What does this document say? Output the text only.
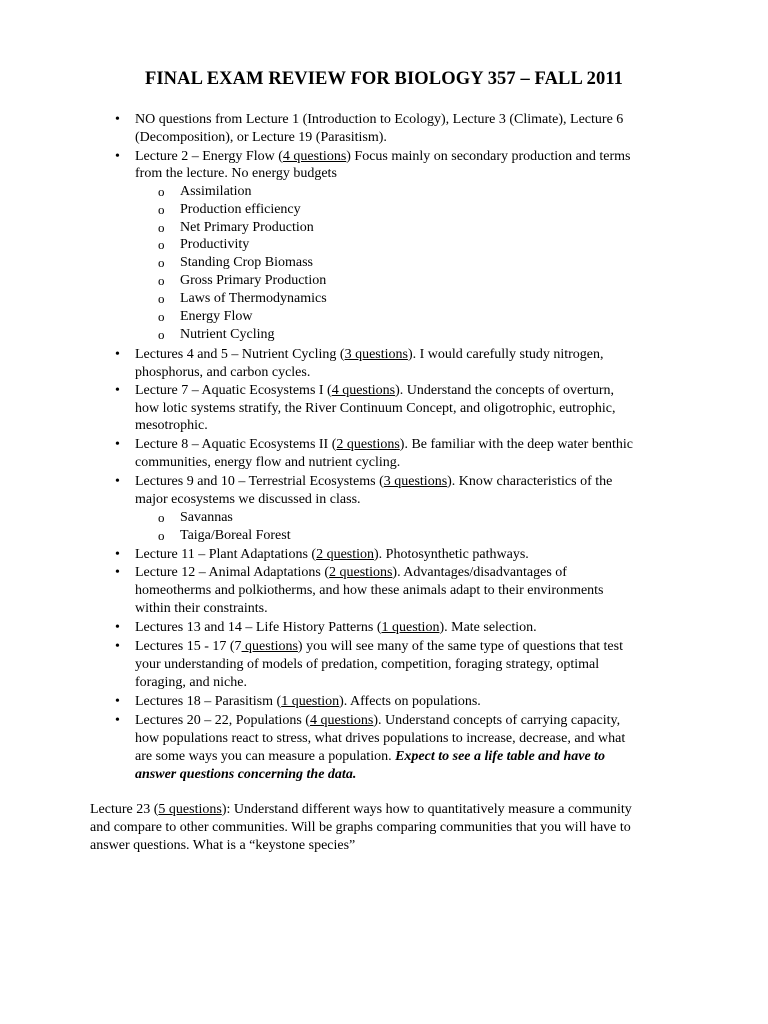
FINAL EXAM REVIEW FOR BIOLOGY 357 – FALL 2011
• NO questions from Lecture 1 (Introduction to Ecology), Lecture 3 (Climate), Lecture 6
(Decomposition), or Lecture 19 (Parasitism).
• Lecture 2 – Energy Flow (4 questions) Focus mainly on secondary production and terms
from the lecture. No energy budgets
o Assimilation
o Production efficiency
o Net Primary Production
o Productivity
o Standing Crop Biomass
o Gross Primary Production
o Laws of Thermodynamics
o Energy Flow
o Nutrient Cycling
• Lectures 4 and 5 – Nutrient Cycling (3 questions). I would carefully study nitrogen,
phosphorus, and carbon cycles.
• Lecture 7 – Aquatic Ecosystems I (4 questions). Understand the concepts of overturn,
how lotic systems stratify, the River Continuum Concept, and oligotrophic, eutrophic,
mesotrophic.
• Lecture 8 – Aquatic Ecosystems II (2 questions). Be familiar with the deep water benthic
communities, energy flow and nutrient cycling.
• Lectures 9 and 10 – Terrestrial Ecosystems (3 questions). Know characteristics of the
major ecosystems we discussed in class.
o Savannas
o Taiga/Boreal Forest
• Lecture 11 – Plant Adaptations (2 question). Photosynthetic pathways.
• Lecture 12 – Animal Adaptations (2 questions). Advantages/disadvantages of
homeotherms and polkiotherms, and how these animals adapt to their environments
within their constraints.
• Lectures 13 and 14 – Life History Patterns (1 question). Mate selection.
• Lectures 15 - 17 (7 questions) you will see many of the same type of questions that test
your understanding of models of predation, competition, foraging strategy, optimal
foraging, and niche.
• Lectures 18 – Parasitism (1 question). Affects on populations.
• Lectures 20 – 22, Populations (4 questions). Understand concepts of carrying capacity,
how populations react to stress, what drives populations to increase, decrease, and what
are some ways you can measure a population. Expect to see a life table and have to
answer questions concerning the data.
Lecture 23 (5 questions): Understand different ways how to quantitatively measure a community
and compare to other communities. Will be graphs comparing communities that you will have to
answer questions. What is a “keystone species”
